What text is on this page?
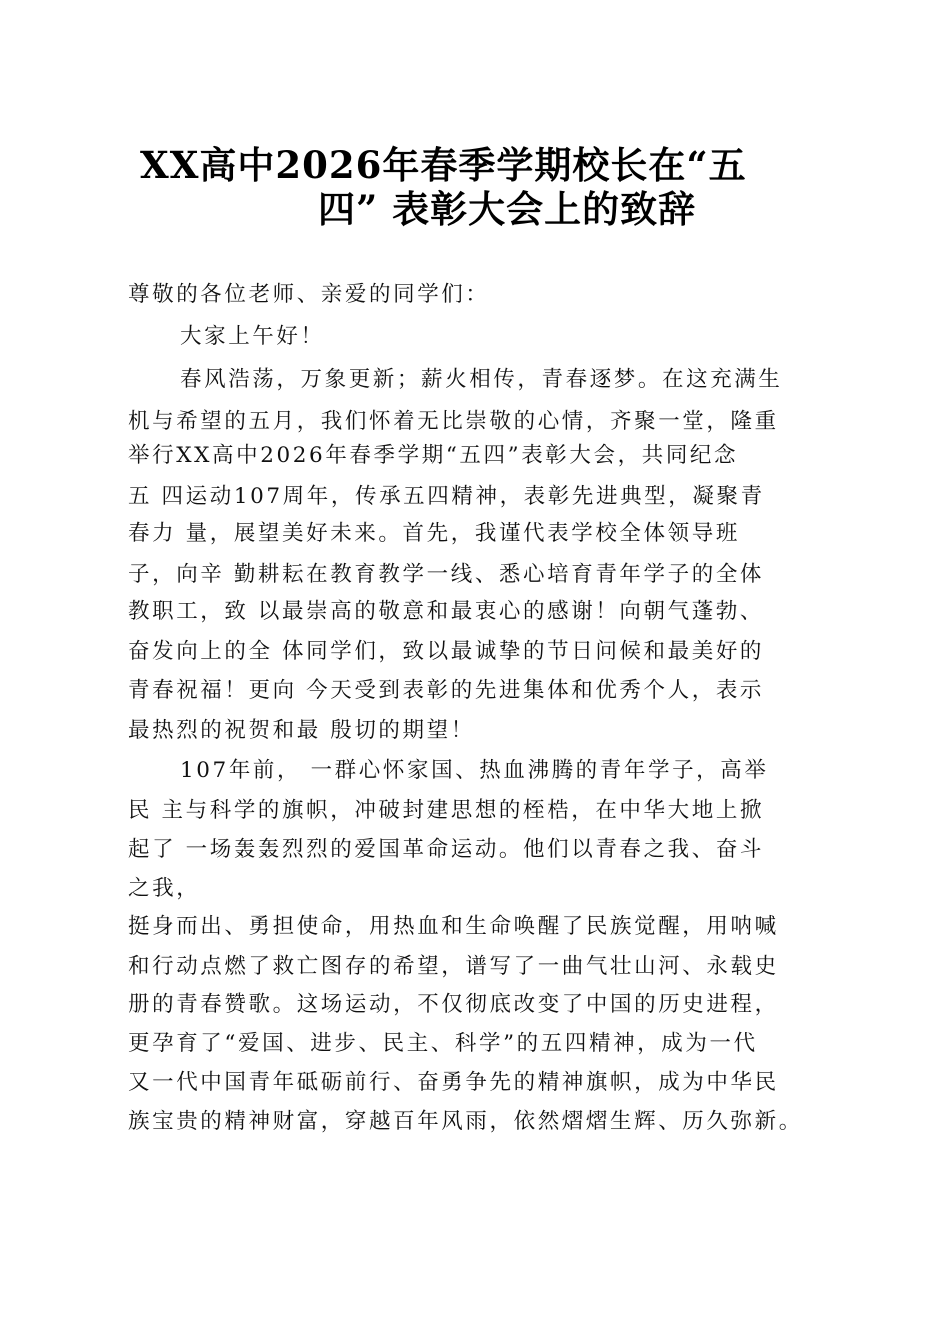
XX高中2026年春季学期校长在“五
四” 表彰大会上的致辞
尊敬的各位老师、亲爱的同学们：
大家上午好！
春风浩荡，万象更新；薪火相传，青春逐梦。在这充满生
机与希望的五月，我们怀着无比崇敬的心情，齐聚一堂，隆重
举行XX高中2026年春季学期“五四”表彰大会，共同纪念
五 四运动107周年，传承五四精神，表彰先进典型，凝聚青
春力 量，展望美好未来。首先，我谨代表学校全体领导班
子，向辛 勤耕耘在教育教学一线、悉心培育青年学子的全体
教职工，致 以最崇高的敬意和最衷心的感谢！向朝气蓬勃、
奋发向上的全 体同学们，致以最诚挚的节日问候和最美好的
青春祝福！更向 今天受到表彰的先进集体和优秀个人，表示
最热烈的祝贺和最 殷切的期望！
107年前， 一群心怀家国、热血沸腾的青年学子，高举
民 主与科学的旗帜，冲破封建思想的桎梏，在中华大地上掀
起了 一场轰轰烈烈的爱国革命运动。他们以青春之我、奋斗
之我，
挺身而出、勇担使命，用热血和生命唤醒了民族觉醒，用呐喊
和行动点燃了救亡图存的希望，谱写了一曲气壮山河、永载史
册的青春赞歌。这场运动，不仅彻底改变了中国的历史进程，
更孕育了“爱国、进步、民主、科学”的五四精神，成为一代
又一代中国青年砥砺前行、奋勇争先的精神旗帜，成为中华民
族宝贵的精神财富，穿越百年风雨，依然熠熠生辉、历久弥新。
